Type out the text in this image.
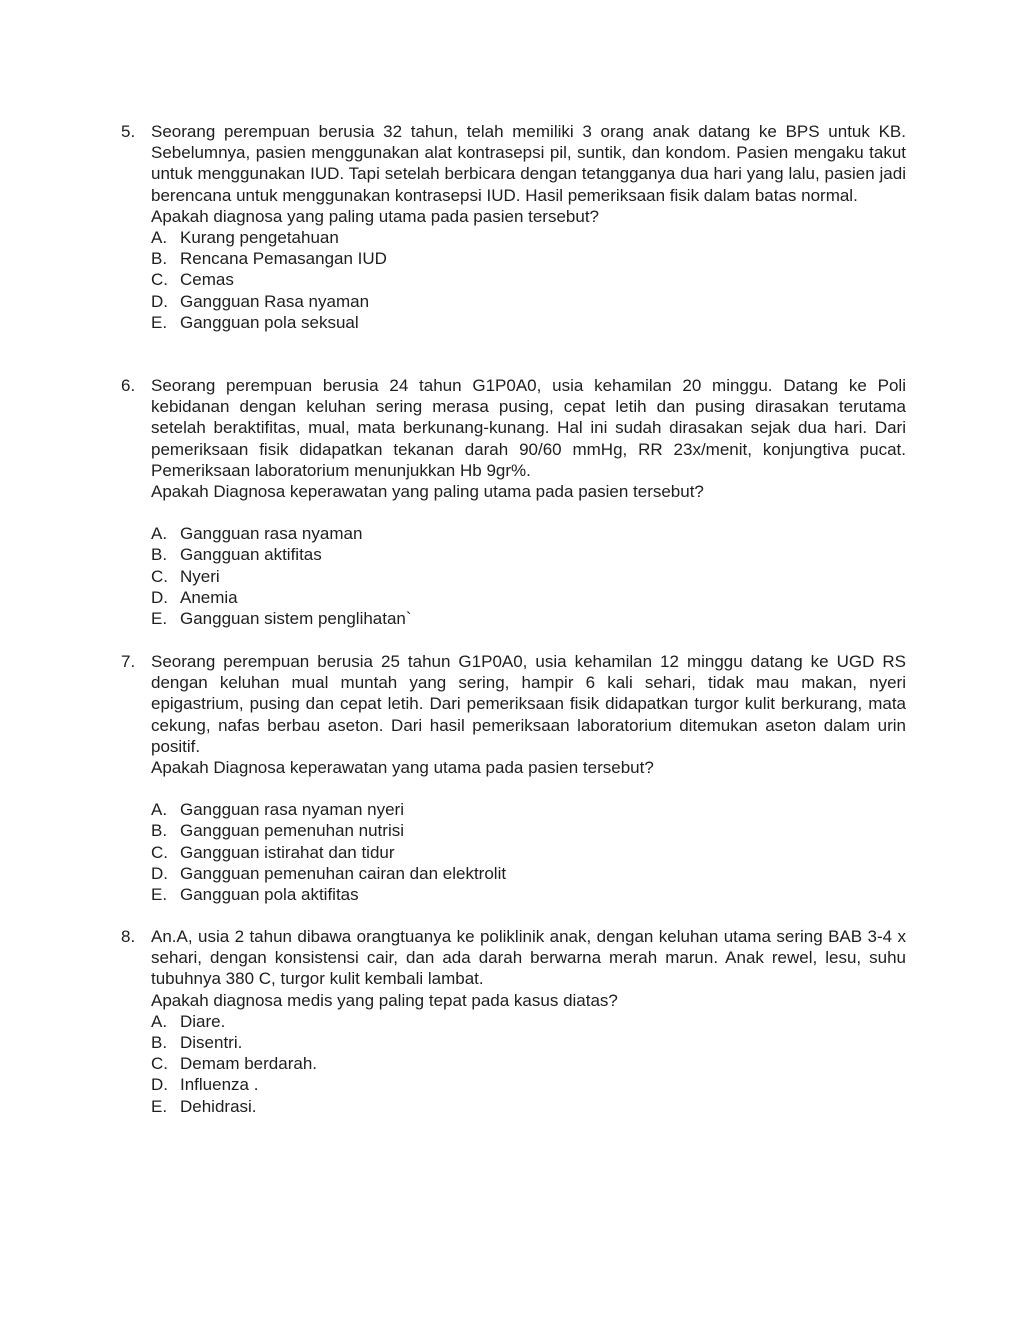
5. Seorang perempuan berusia 32 tahun, telah memiliki 3 orang anak datang ke BPS untuk KB. Sebelumnya, pasien menggunakan alat kontrasepsi pil, suntik, dan kondom. Pasien mengaku takut untuk menggunakan IUD. Tapi setelah berbicara dengan tetangganya dua hari yang lalu, pasien jadi berencana untuk menggunakan kontrasepsi IUD. Hasil pemeriksaan fisik dalam batas normal.

Apakah diagnosa yang paling utama pada pasien tersebut?

A. Kurang pengetahuan
B. Rencana Pemasangan IUD
C. Cemas
D. Gangguan Rasa nyaman
E. Gangguan pola seksual
6. Seorang perempuan berusia 24 tahun G1P0A0, usia kehamilan 20 minggu. Datang ke Poli kebidanan dengan keluhan sering merasa pusing, cepat letih dan pusing dirasakan terutama setelah beraktifitas, mual, mata berkunang-kunang. Hal ini sudah dirasakan sejak dua hari. Dari pemeriksaan fisik didapatkan tekanan darah 90/60 mmHg, RR 23x/menit, konjungtiva pucat. Pemeriksaan laboratorium menunjukkan Hb 9gr%.

Apakah Diagnosa keperawatan yang paling utama pada pasien tersebut?

A. Gangguan rasa nyaman
B. Gangguan aktifitas
C. Nyeri
D. Anemia
E. Gangguan sistem penglihatan`
7. Seorang perempuan berusia 25 tahun G1P0A0, usia kehamilan 12 minggu datang ke UGD RS dengan keluhan mual muntah yang sering, hampir 6 kali sehari, tidak mau makan, nyeri epigastrium, pusing dan cepat letih. Dari pemeriksaan fisik didapatkan turgor kulit berkurang, mata cekung, nafas berbau aseton. Dari hasil pemeriksaan laboratorium ditemukan aseton dalam urin positif.

Apakah Diagnosa keperawatan yang utama pada pasien tersebut?

A. Gangguan rasa nyaman nyeri
B. Gangguan pemenuhan nutrisi
C. Gangguan istirahat dan tidur
D. Gangguan pemenuhan cairan dan elektrolit
E. Gangguan pola aktifitas
8. An.A, usia 2 tahun dibawa orangtuanya ke poliklinik anak, dengan keluhan utama sering BAB 3-4 x sehari, dengan konsistensi cair, dan ada darah berwarna merah marun. Anak rewel, lesu, suhu tubuhnya 380 C, turgor kulit kembali lambat.

Apakah diagnosa medis yang paling tepat pada kasus diatas?

A. Diare.
B. Disentri.
C. Demam berdarah.
D. Influenza .
E. Dehidrasi.
